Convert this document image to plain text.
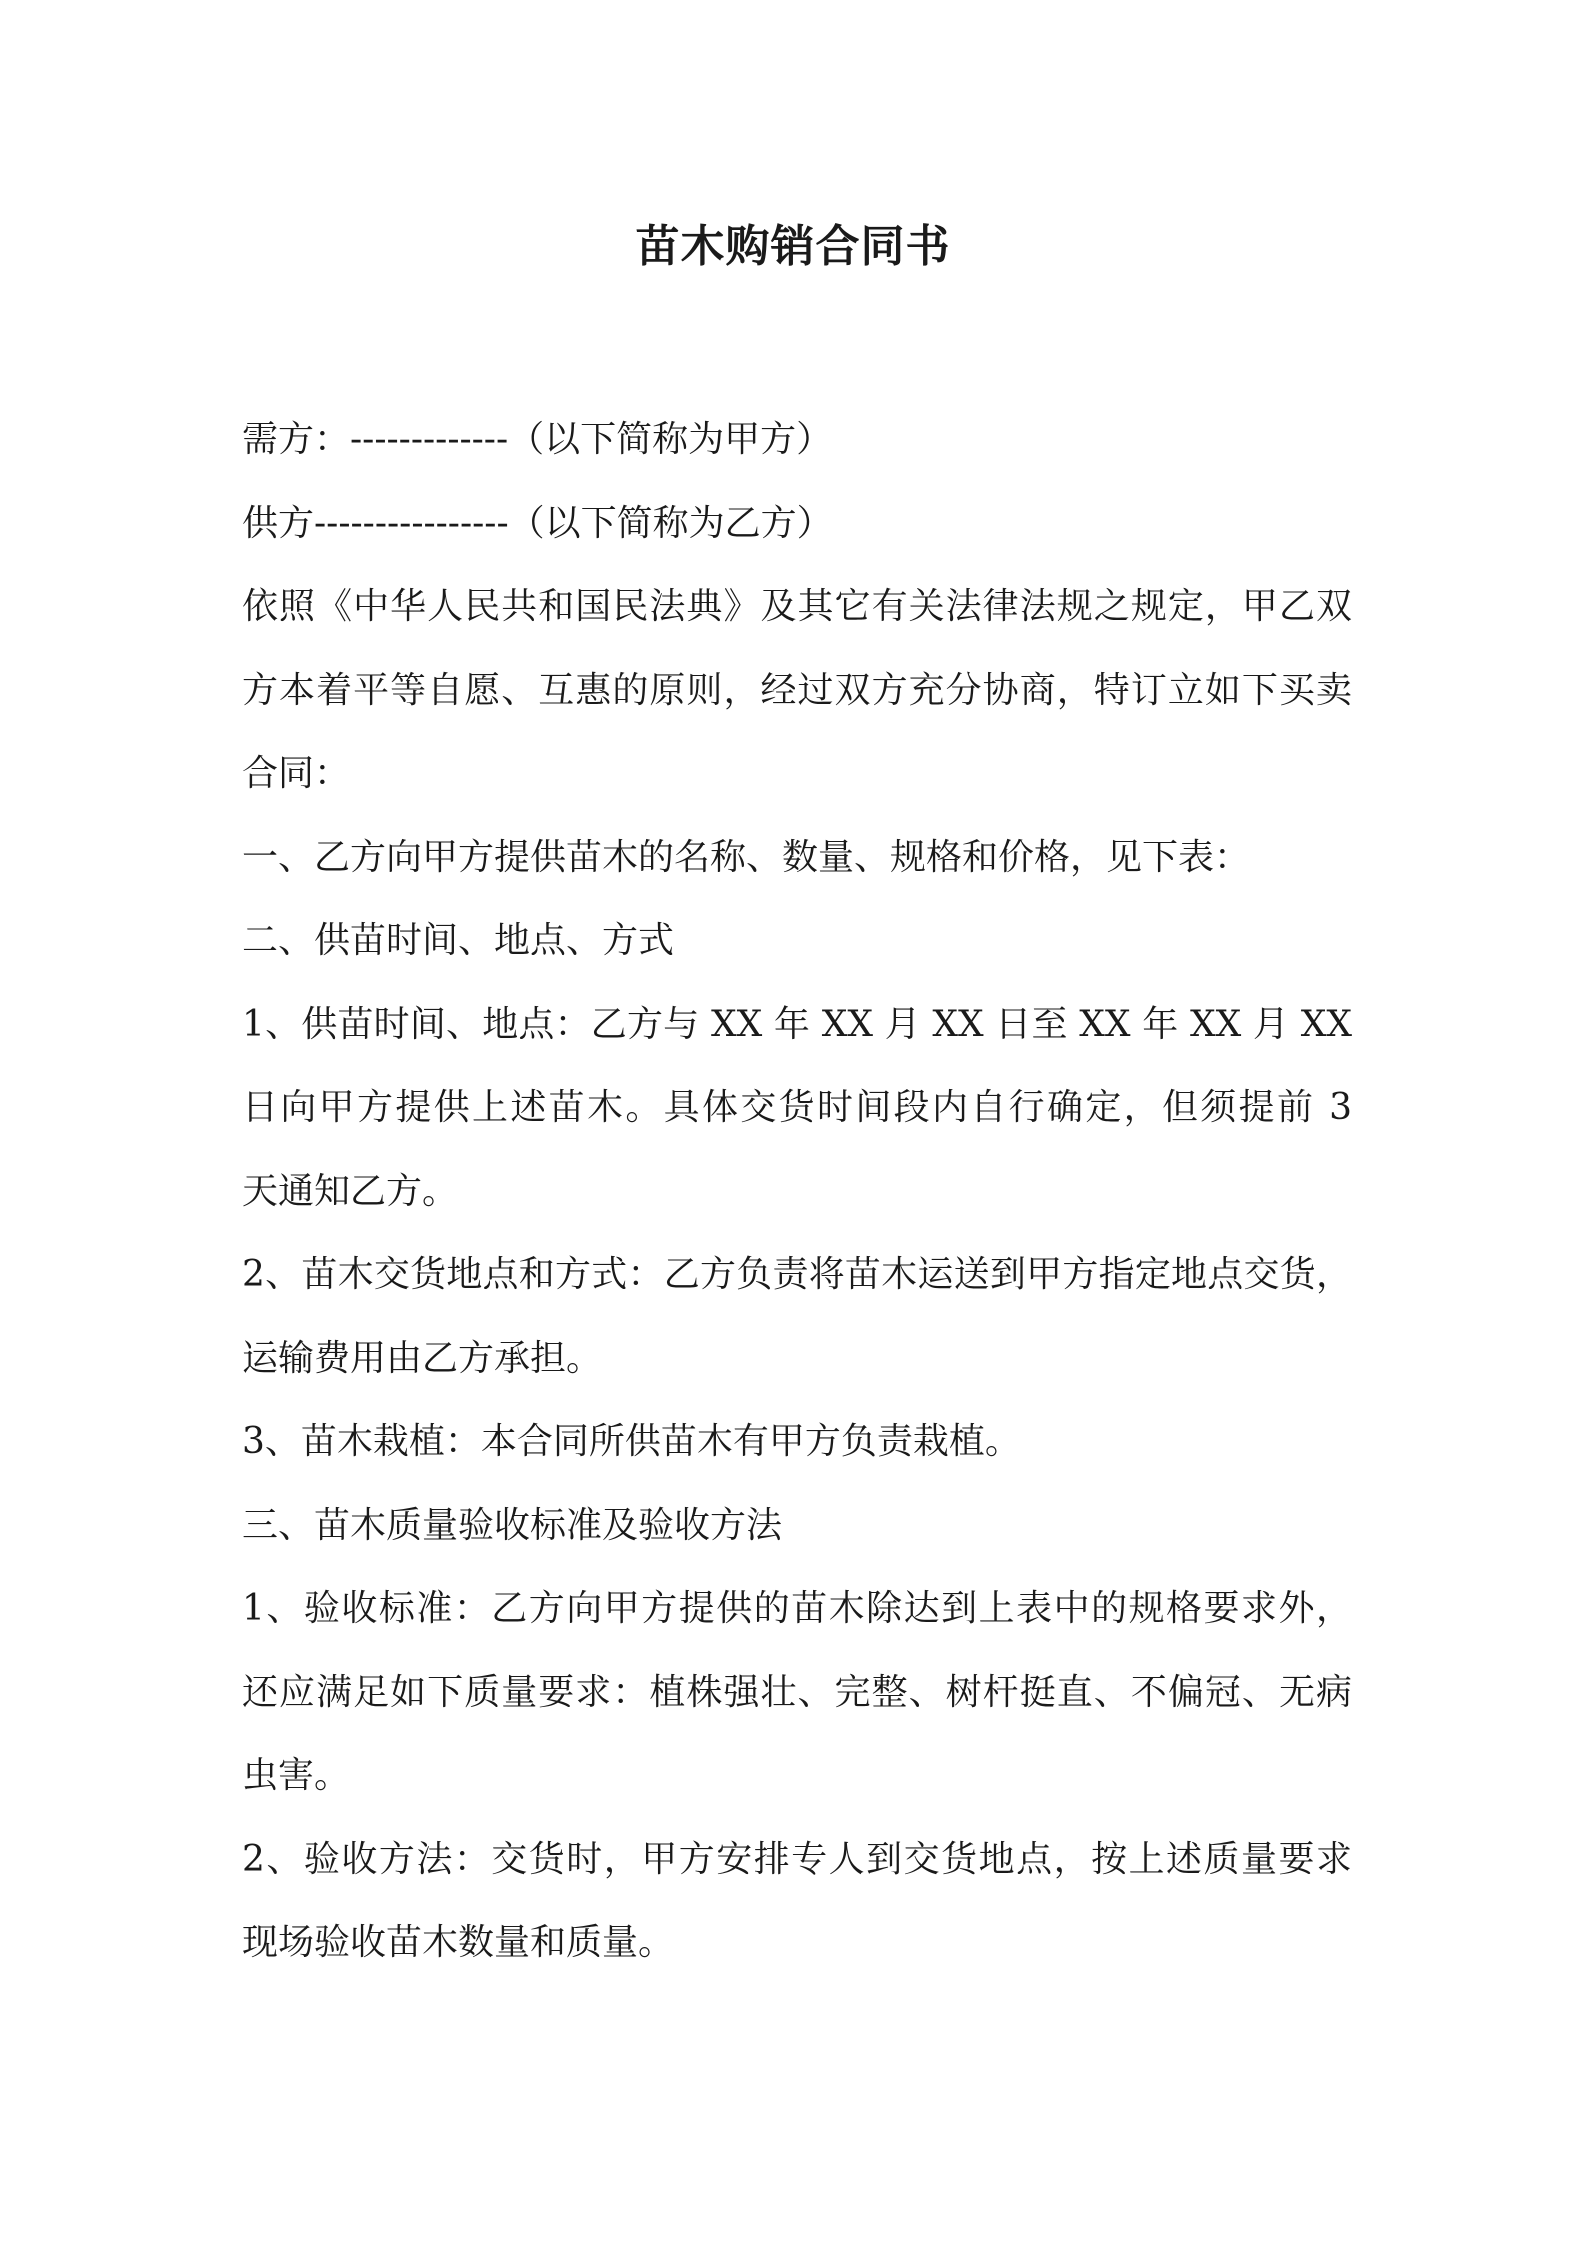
苗木购销合同书
需方：-------------（以下简称为甲方）
供方----------------（以下简称为乙方）
依照《中华人民共和国民法典》及其它有关法律法规之规定，甲乙双
方本着平等自愿、互惠的原则，经过双方充分协商，特订立如下买卖
合同：
一、乙方向甲方提供苗木的名称、数量、规格和价格，见下表：
二、供苗时间、地点、方式
1、供苗时间、地点：乙方与 XX 年 XX 月 XX 日至 XX 年 XX 月 XX
日向甲方提供上述苗木。具体交货时间段内自行确定，但须提前 3
天通知乙方。
2、苗木交货地点和方式：乙方负责将苗木运送到甲方指定地点交货，
运输费用由乙方承担。
3、苗木栽植：本合同所供苗木有甲方负责栽植。
三、苗木质量验收标准及验收方法
1、验收标准：乙方向甲方提供的苗木除达到上表中的规格要求外，
还应满足如下质量要求：植株强壮、完整、树杆挺直、不偏冠、无病
虫害。
2、验收方法：交货时，甲方安排专人到交货地点，按上述质量要求
现场验收苗木数量和质量。
